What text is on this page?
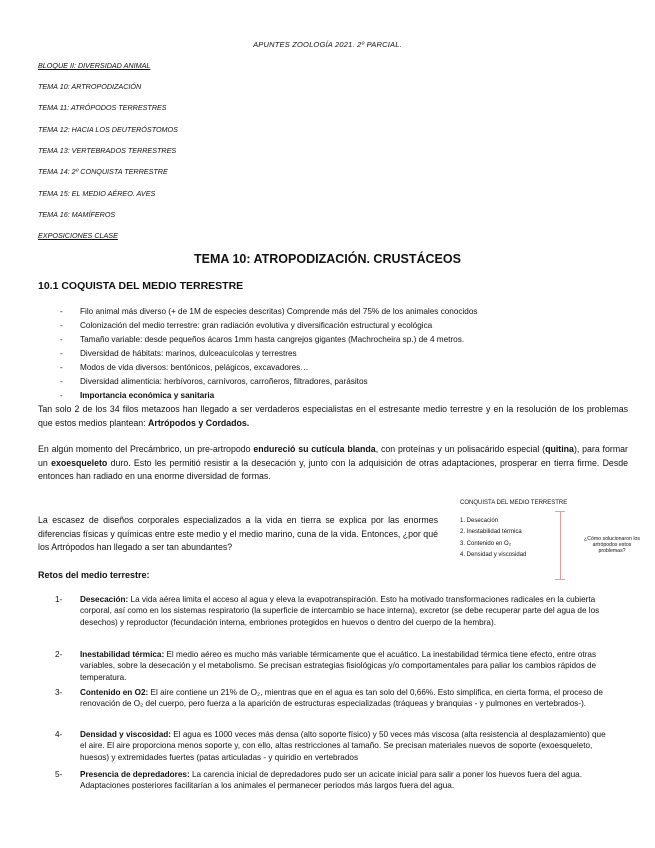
APUNTES ZOOLOGÍA 2021. 2º PARCIAL.
BLOQUE II: DIVERSIDAD ANIMAL
TEMA 10: ARTROPODIZACIÓN
TEMA 11: ATRÓPODOS TERRESTRES
TEMA 12: HACIA LOS DEUTERÓSTOMOS
TEMA 13: VERTEBRADOS TERRESTRES
TEMA 14: 2º CONQUISTA TERRESTRE
TEMA 15: EL MEDIO AÉREO. AVES
TEMA 16: MAMÍFEROS
EXPOSICIONES CLASE
TEMA 10: ATROPODIZACIÓN. CRUSTÁCEOS
10.1 COQUISTA DEL MEDIO TERRESTRE
- Filo animal más diverso (+ de 1M de especies descritas) Comprende más del 75% de los animales conocidos
- Colonización del medio terrestre: gran radiación evolutiva y diversificación estructural y ecológica
- Tamaño variable: desde pequeños ácaros 1mm hasta cangrejos gigantes (Machrocheira sp.) de 4 metros.
- Diversidad de hábitats: marinos, dulceacuícolas y terrestres
- Modos de vida diversos: bentónicos, pelágicos, excavadores…
- Diversidad alimenticia: herbívoros, carnívoros, carroñeros, filtradores, parásitos
- Importancia económica y sanitaria
Tan solo 2 de los 34 filos metazoos han llegado a ser verdaderos especialistas en el estresante medio terrestre y en la resolución de los problemas que estos medios plantean: Artrópodos y Cordados.
En algún momento del Precámbrico, un pre-artropodo endureció su cutícula blanda, con proteínas y un polisacárido especial (quitina), para formar un exoesqueleto duro. Esto les permitió resistir a la desecación y, junto con la adquisición de otras adaptaciones, prosperar en tierra firme. Desde entonces han radiado en una enorme diversidad de formas.
La escasez de diseños corporales especializados a la vida en tierra se explica por las enormes diferencias físicas y químicas entre este medio y el medio marino, cuna de la vida. Entonces, ¿por qué los Artrópodos han llegado a ser tan abundantes?
CONQUISTA DEL MEDIO TERRESTRE
1. Desecación
2. Inestabilidad térmica
3. Contenido en O₂
4. Densidad y viscosidad
¿Cómo solucionaron los artrópodos estos problemas?
Retos del medio terrestre:
1- Desecación: La vida aérea limita el acceso al agua y eleva la evapotranspiración. Esto ha motivado transformaciones radicales en la cubierta corporal, así como en los sistemas respiratorio (la superficie de intercambio se hace interna), excretor (se debe recuperar parte del agua de los desechos) y reproductor (fecundación interna, embriones protegidos en huevos o dentro del cuerpo de la hembra).
2- Inestabilidad térmica: El medio aéreo es mucho más variable térmicamente que el acuático. La inestabilidad térmica tiene efecto, entre otras variables, sobre la desecación y el metabolismo. Se precisan estrategias fisiológicas y/o comportamentales para paliar los cambios rápidos de temperatura.
3- Contenido en O2: El aire contiene un 21% de O₂, mientras que en el agua es tan solo del 0,66%. Esto simplifica, en cierta forma, el proceso de renovación de O₂ del cuerpo, pero fuerza a la aparición de estructuras especializadas (tráqueas y branquias - y pulmones en vertebrados-).
4- Densidad y viscosidad: El agua es 1000 veces más densa (alto soporte físico) y 50 veces más viscosa (alta resistencia al desplazamiento) que el aire. El aire proporciona menos soporte y, con ello, altas restricciones al tamaño. Se precisan materiales nuevos de soporte (exoesqueleto, huesos) y extremidades fuertes (patas articuladas - y quiridio en vertebrados
5- Presencia de depredadores: La carencia inicial de depredadores pudo ser un acicate inicial para salir a poner los huevos fuera del agua. Adaptaciones posteriores facilitarían a los animales el permanecer periodos más largos fuera del agua.
